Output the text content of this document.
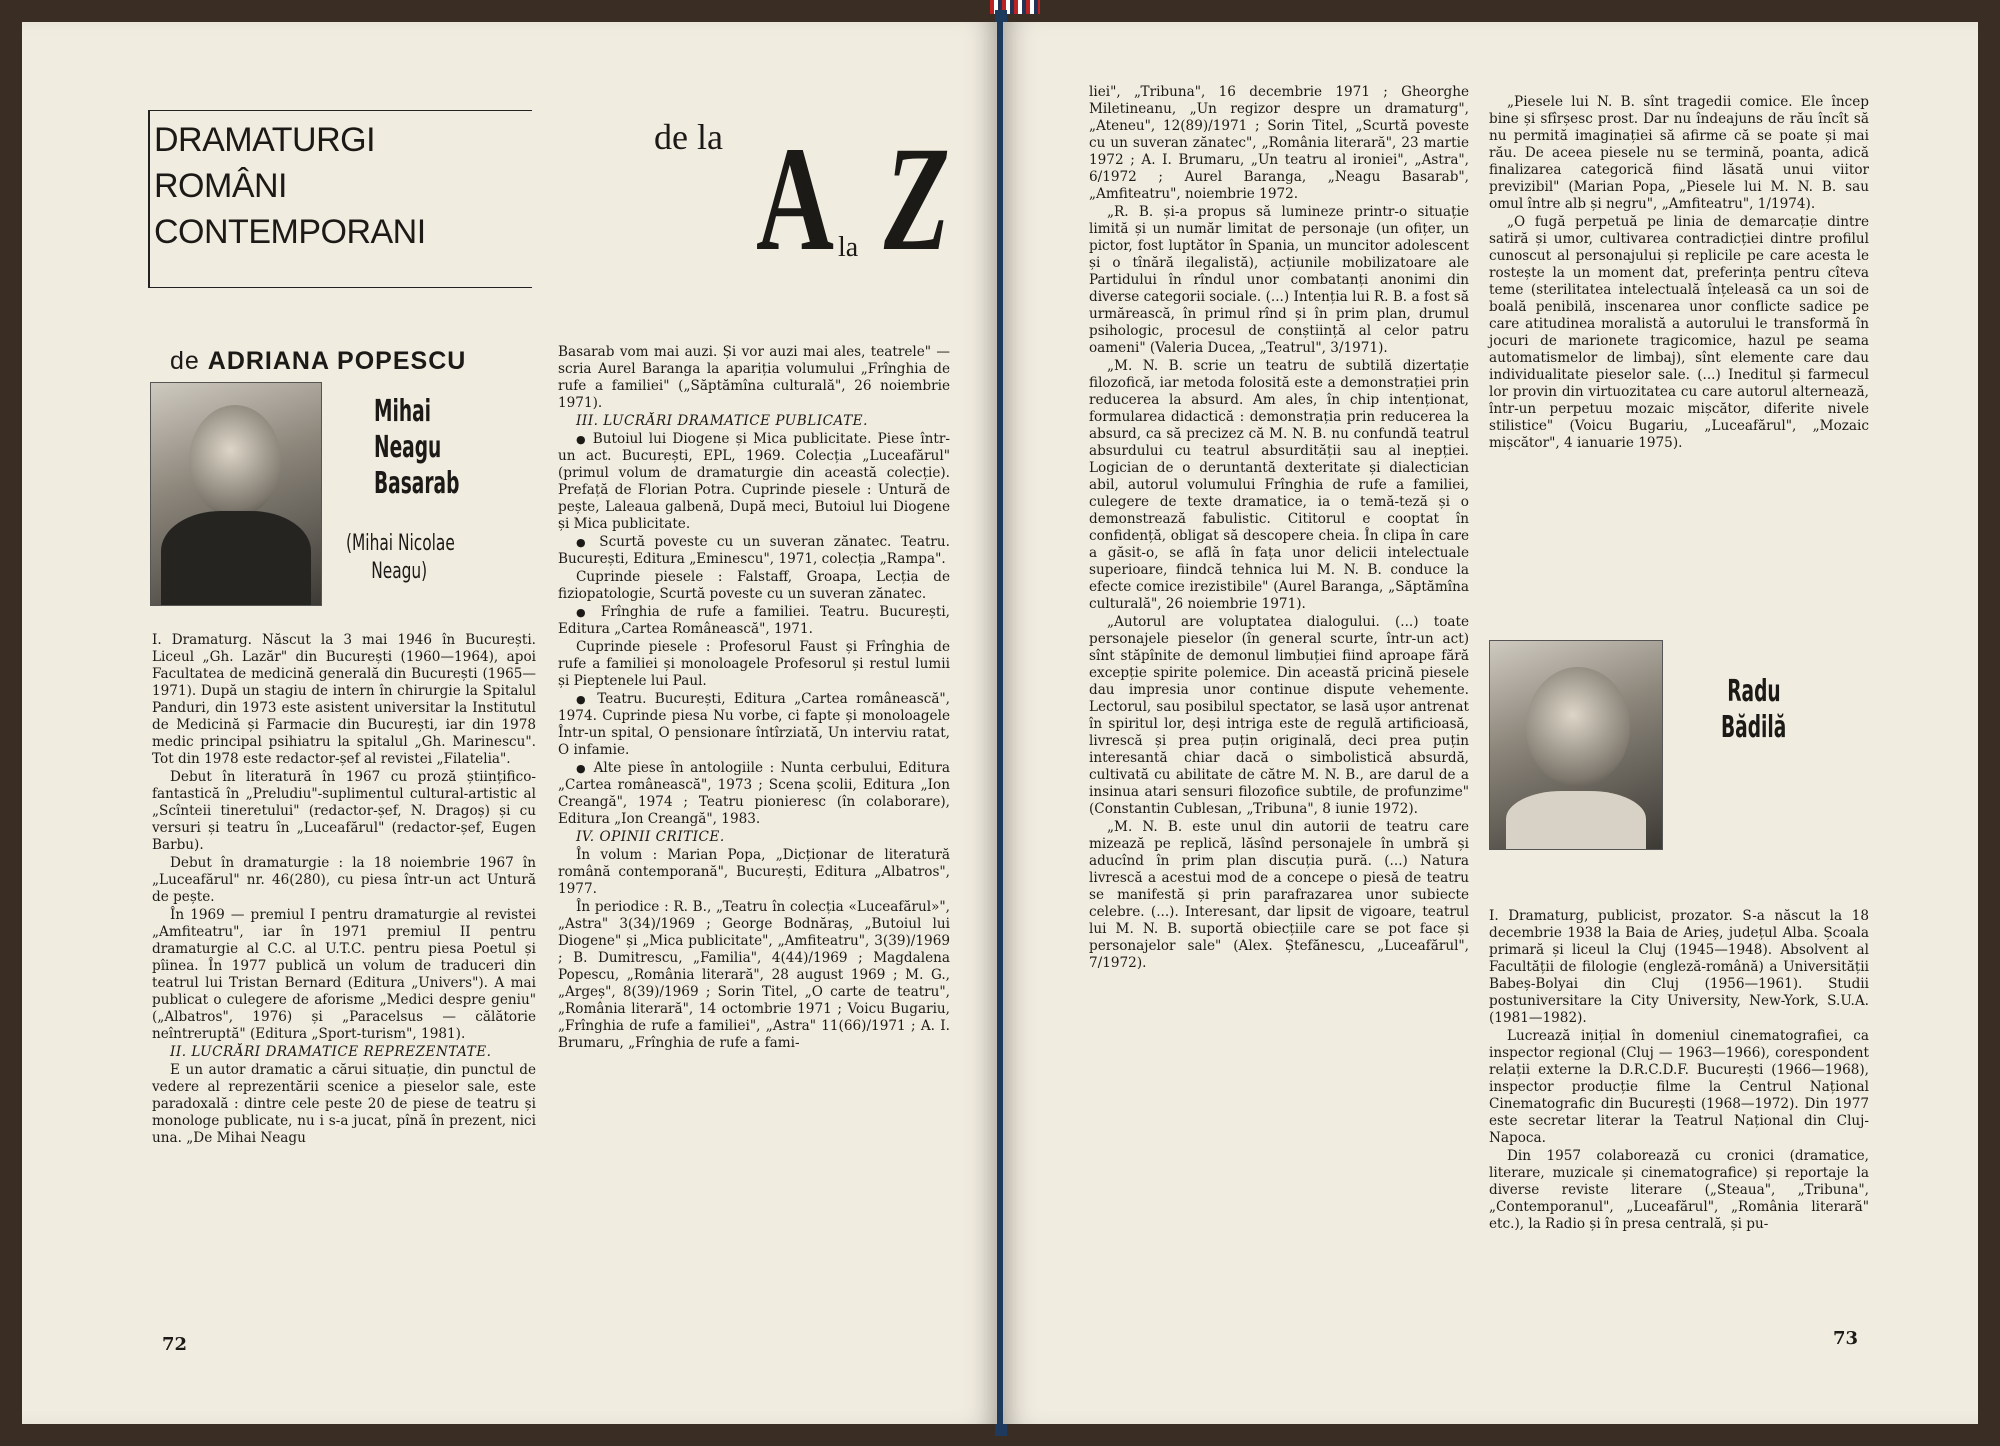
DRAMATURGI
ROMÂNI
CONTEMPORANI
de la A la Z
de ADRIANA POPESCU
Mihai
Neagu
Basarab
(Mihai Nicolae
Neagu)

I. Dramaturg. Născut la 3 mai 1946 în București. Liceul „Gh. Lazăr" din București (1960—1964), apoi Facultatea de medicină generală din București (1965—1971). După un stagiu de intern în chirurgie la Spitalul Panduri, din 1973 este asistent universitar la Institutul de Medicină și Farmacie din București, iar din 1978 medic principal psihiatru la spitalul „Gh. Marinescu". Tot din 1978 este redactor-șef al revistei „Filatelia".

Debut în literatură în 1967 cu proză științifico-fantastică în „Preludiu"-suplimentul cultural-artistic al „Scînteii tineretului" (redactor-șef, N. Dragoș) și cu versuri și teatru în „Luceafărul" (redactor-șef, Eugen Barbu).

Debut în dramaturgie : la 18 noiembrie 1967 în „Luceafărul" nr. 46(280), cu piesa într-un act Untură de pește.

În 1969 — premiul I pentru dramaturgie al revistei „Amfiteatru", iar în 1971 premiul II pentru dramaturgie al C.C. al U.T.C. pentru piesa Poetul și pîinea. În 1977 publică un volum de traduceri din teatrul lui Tristan Bernard (Editura „Univers"). A mai publicat o culegere de aforisme „Medici despre geniu" („Albatros", 1976) și „Paracelsus — călătorie neîntreruptă" (Editura „Sport-turism", 1981).

II. LUCRĂRI DRAMATICE REPREZENTATE.

E un autor dramatic a cărui situație, din punctul de vedere al reprezentării scenice a pieselor sale, este paradoxală : dintre cele peste 20 de piese de teatru și monologe publicate, nu i s-a jucat, pînă în prezent, nici una. „De Mihai Neagu

Basarab vom mai auzi. Și vor auzi mai ales, teatrele" — scria Aurel Baranga la apariția volumului „Frînghia de rufe a familiei" („Săptămîna culturală", 26 noiembrie 1971).

III. LUCRĂRI DRAMATICE PUBLICATE.

● Butoiul lui Diogene și Mica publicitate. Piese într-un act. București, EPL, 1969. Colecția „Luceafărul" (primul volum de dramaturgie din această colecție). Prefață de Florian Potra. Cuprinde piesele : Untură de pește, Laleaua galbenă, După meci, Butoiul lui Diogene și Mica publicitate.

● Scurtă poveste cu un suveran zănatec. Teatru. București, Editura „Eminescu", 1971, colecția „Rampa".

Cuprinde piesele : Falstaff, Groapa, Lecția de fiziopatologie, Scurtă poveste cu un suveran zănatec.

● Frînghia de rufe a familiei. Teatru. București, Editura „Cartea Românească", 1971.

Cuprinde piesele : Profesorul Faust și Frînghia de rufe a familiei și monoloagele Profesorul și restul lumii și Pieptenele lui Paul.

● Teatru. București, Editura „Cartea românească", 1974. Cuprinde piesa Nu vorbe, ci fapte și monoloagele Într-un spital, O pensionare întîrziată, Un interviu ratat, O infamie.

● Alte piese în antologiile : Nunta cerbului, Editura „Cartea românească", 1973 ; Scena școlii, Editura „Ion Creangă", 1974 ; Teatru pionieresc (în colaborare), Editura „Ion Creangă", 1983.

IV. OPINII CRITICE.

În volum : Marian Popa, „Dicționar de literatură română contemporană", București, Editura „Albatros", 1977.

În periodice : R. B., „Teatru în colecția «Luceafărul»", „Astra" 3(34)/1969 ; George Bodnăraș, „Butoiul lui Diogene" și „Mica publicitate", „Amfiteatru", 3(39)/1969 ; B. Dumitrescu, „Familia", 4(44)/1969 ; Magdalena Popescu, „România literară", 28 august 1969 ; M. G., „Argeș", 8(39)/1969 ; Sorin Titel, „O carte de teatru", „România literară", 14 octombrie 1971 ; Voicu Bugariu, „Frînghia de rufe a familiei", „Astra" 11(66)/1971 ; A. I. Brumaru, „Frînghia de rufe a fami-

72

liei", „Tribuna", 16 decembrie 1971 ; Gheorghe Miletineanu, „Un regizor despre un dramaturg", „Ateneu", 12(89)/1971 ; Sorin Titel, „Scurtă poveste cu un suveran zănatec", „România literară", 23 martie 1972 ; A. I. Brumaru, „Un teatru al ironiei", „Astra", 6/1972 ; Aurel Baranga, „Neagu Basarab", „Amfiteatru", noiembrie 1972.

„R. B. și-a propus să lumineze printr-o situație limită și un număr limitat de personaje (un ofițer, un pictor, fost luptător în Spania, un muncitor adolescent și o tînără ilegalistă), acțiunile mobilizatoare ale Partidului în rîndul unor combatanți anonimi din diverse categorii sociale. (...) Intenția lui R. B. a fost să urmărească, în primul rînd și în prim plan, drumul psihologic, procesul de conștiință al celor patru oameni" (Valeria Ducea, „Teatrul", 3/1971).

„M. N. B. scrie un teatru de subtilă dizertație filozofică, iar metoda folosită este a demonstrației prin reducerea la absurd. Am ales, în chip intenționat, formularea didactică : demonstrația prin reducerea la absurd, ca să precizez că M. N. B. nu confundă teatrul absurdului cu teatrul absurdității sau al inepției. Logician de o deruntantă dexteritate și dialectician abil, autorul volumului Frînghia de rufe a familiei, culegere de texte dramatice, ia o temă-teză și o demonstrează fabulistic. Cititorul e cooptat în confidență, obligat să descopere cheia. În clipa în care a găsit-o, se află în fața unor delicii intelectuale superioare, fiindcă tehnica lui M. N. B. conduce la efecte comice irezistibile" (Aurel Baranga, „Săptămîna culturală", 26 noiembrie 1971).

„Autorul are voluptatea dialogului. (...) toate personajele pieselor (în general scurte, într-un act) sînt stăpînite de demonul limbuției fiind aproape fără excepție spirite polemice. Din această pricină piesele dau impresia unor continue dispute vehemente. Lectorul, sau posibilul spectator, se lasă ușor antrenat în spiritul lor, deși intriga este de regulă artificioasă, livrescă și prea puțin originală, deci prea puțin interesantă chiar dacă o simbolistică absurdă, cultivată cu abilitate de către M. N. B., are darul de a insinua atari sensuri filozofice subtile, de profunzime" (Constantin Cublesan, „Tribuna", 8 iunie 1972).

„M. N. B. este unul din autorii de teatru care mizează pe replică, lăsînd personajele în umbră și aducînd în prim plan discuția pură. (...) Natura livrescă a acestui mod de a concepe o piesă de teatru se manifestă și prin parafrazarea unor subiecte celebre. (...). Interesant, dar lipsit de vigoare, teatrul lui M. N. B. suportă obiecțiile care se pot face și personajelor sale" (Alex. Ștefănescu, „Luceafărul", 7/1972).

„Piesele lui N. B. sînt tragedii comice. Ele încep bine și sfîrșesc prost. Dar nu îndeajuns de rău încît să nu permită imaginației să afirme că se poate și mai rău. De aceea piesele nu se termină, poanta, adică finalizarea categorică fiind lăsată unui viitor previzibil" (Marian Popa, „Piesele lui M. N. B. sau omul între alb și negru", „Amfiteatru", 1/1974).

„O fugă perpetuă pe linia de demarcație dintre satiră și umor, cultivarea contradicției dintre profilul cunoscut al personajului și replicile pe care acesta le rostește la un moment dat, preferința pentru cîteva teme (sterilitatea intelectuală înțeleasă ca un soi de boală penibilă, inscenarea unor conflicte sadice pe care atitudinea moralistă a autorului le transformă în jocuri de marionete tragicomice, hazul pe seama automatismelor de limbaj), sînt elemente care dau individualitate pieselor sale. (...) Ineditul și farmecul lor provin din virtuozitatea cu care autorul alternează, într-un perpetuu mozaic mișcător, diferite nivele stilistice" (Voicu Bugariu, „Luceafărul", „Mozaic mișcător", 4 ianuarie 1975).

Radu
Bădilă

I. Dramaturg, publicist, prozator. S-a născut la 18 decembrie 1938 la Baia de Arieș, județul Alba. Școala primară și liceul la Cluj (1945—1948). Absolvent al Facultății de filologie (engleză-română) a Universității Babeș-Bolyai din Cluj (1956—1961). Studii postuniversitare la City University, New-York, S.U.A. (1981—1982).

Lucrează inițial în domeniul cinematografiei, ca inspector regional (Cluj — 1963—1966), corespondent relații externe la D.R.C.D.F. București (1966—1968), inspector producție filme la Centrul Național Cinematografic din București (1968—1972). Din 1977 este secretar literar la Teatrul Național din Cluj-Napoca.

Din 1957 colaborează cu cronici (dramatice, literare, muzicale și cinematografice) și reportaje la diverse reviste literare („Steaua", „Tribuna", „Contemporanul", „Luceafărul", „România literară" etc.), la Radio și în presa centrală, și pu-

73
